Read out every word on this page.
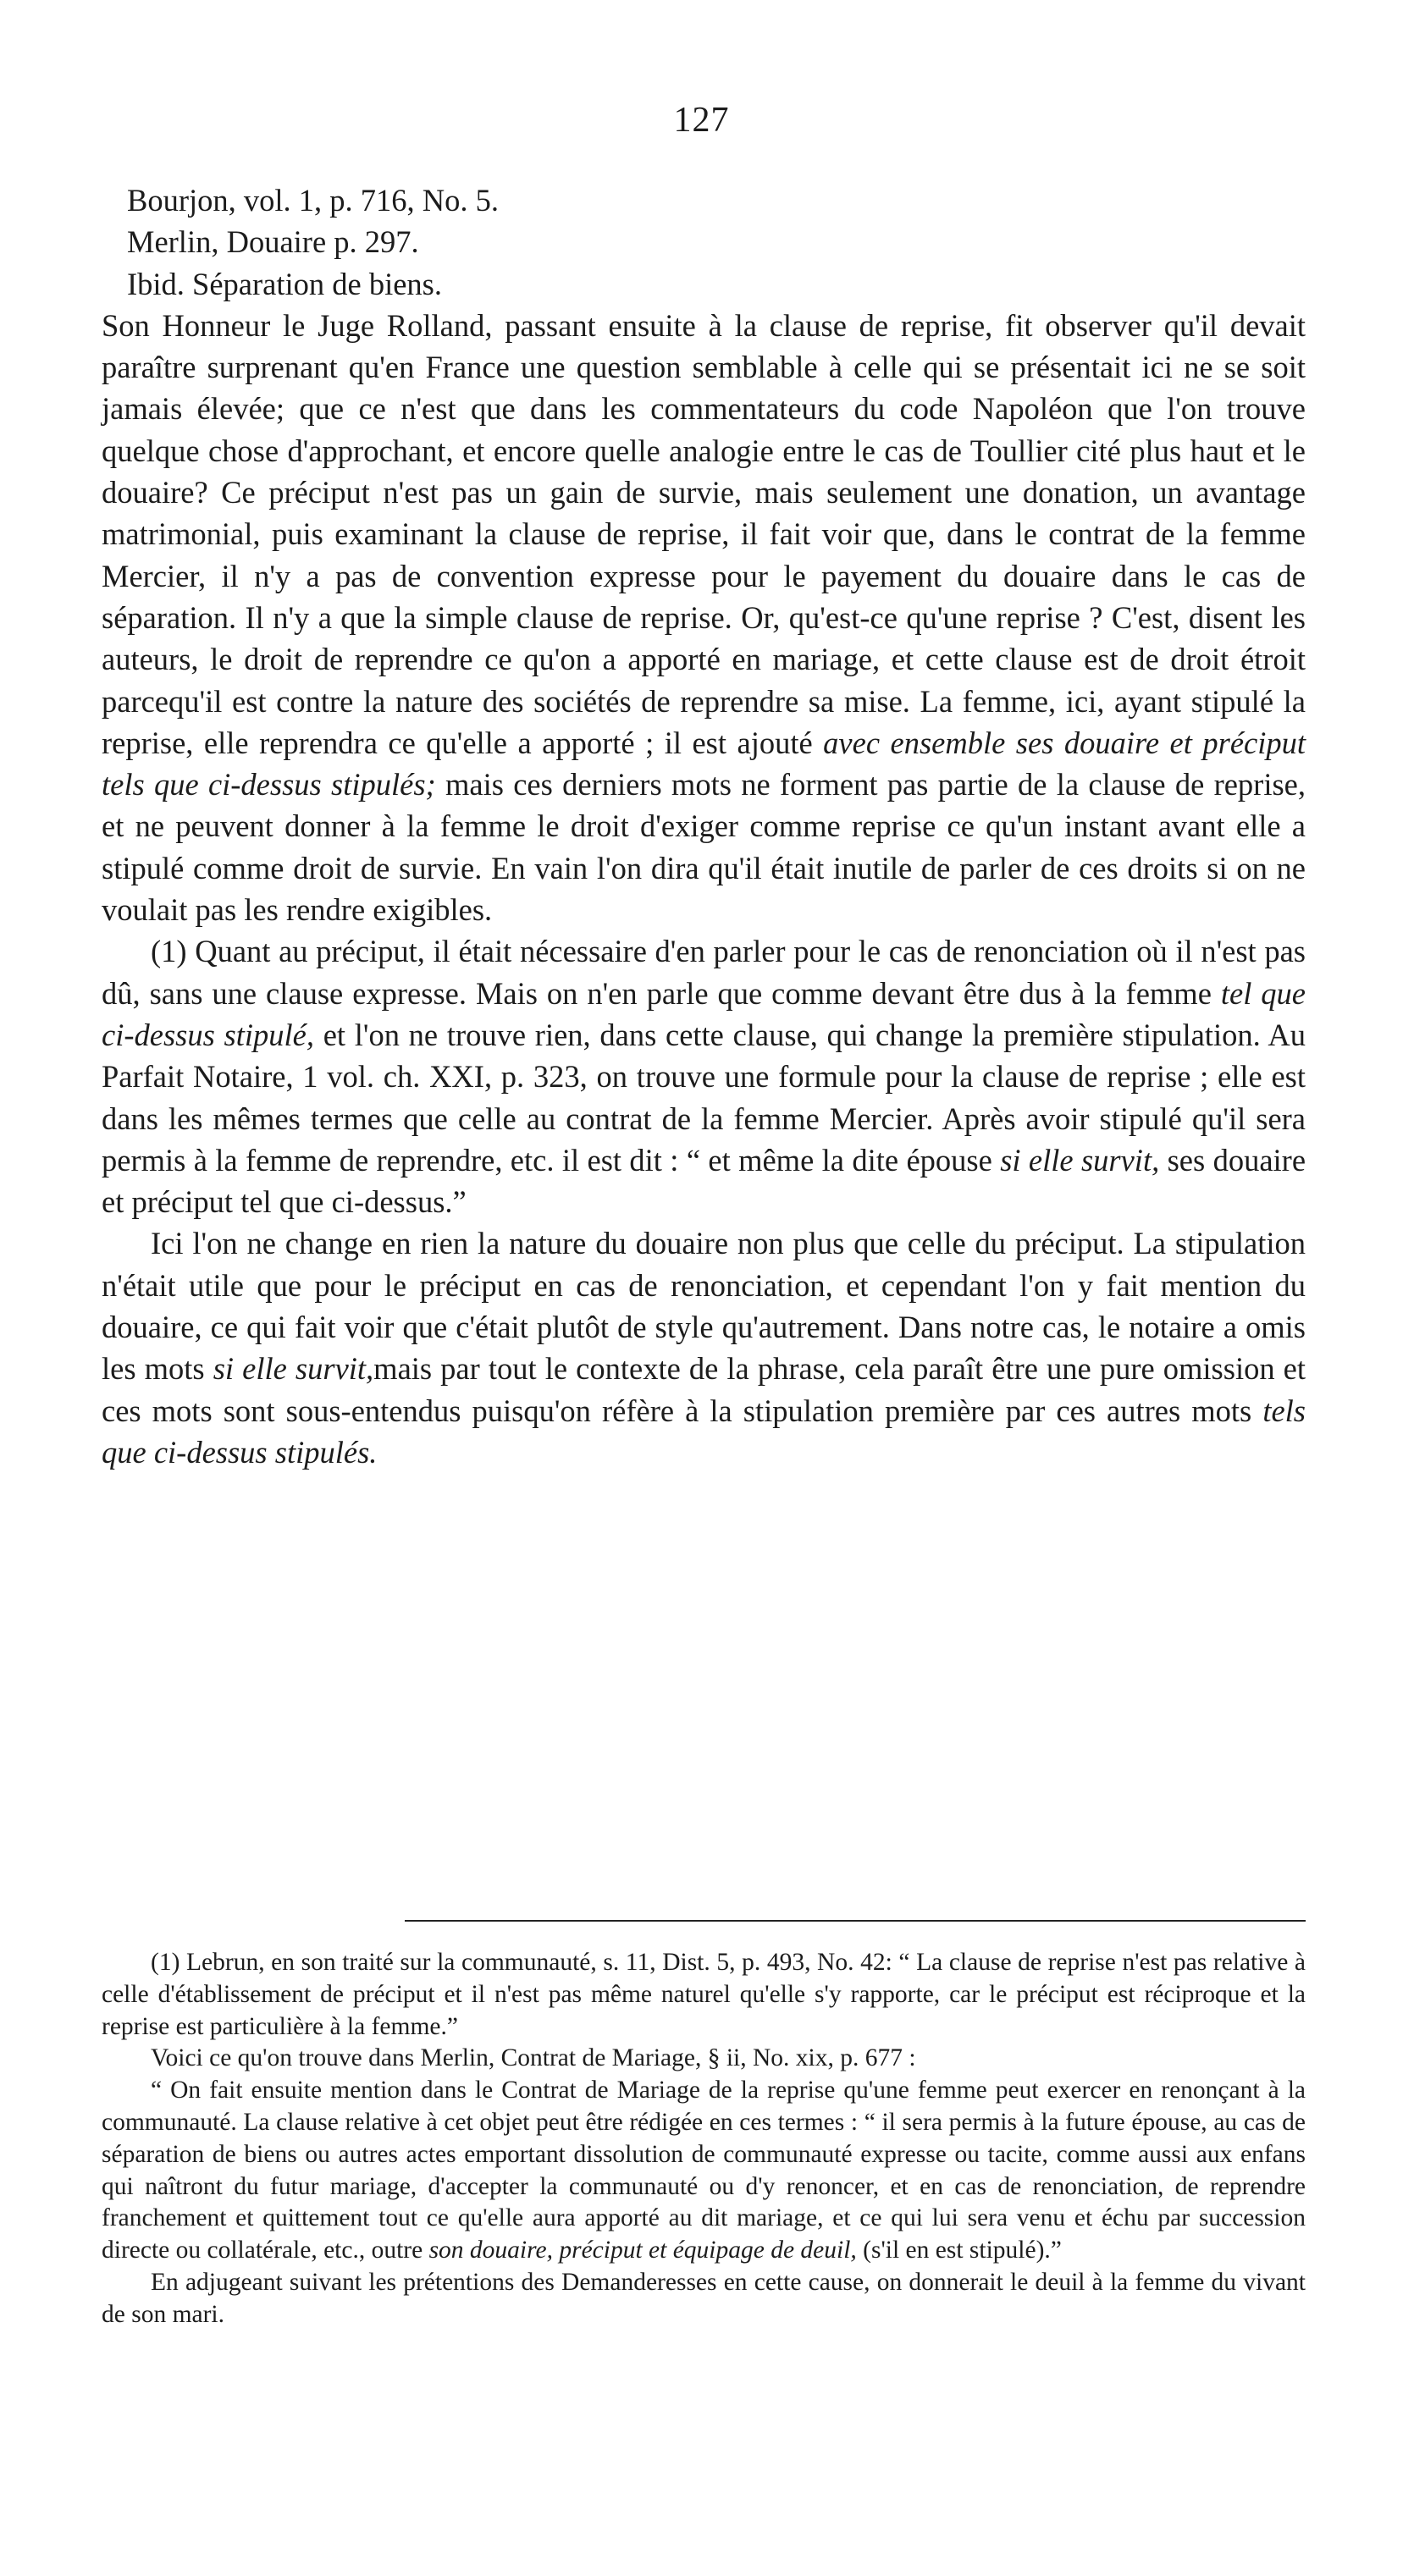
127

Bourjon, vol. 1, p. 716, No. 5.

Merlin, Douaire p. 297.

Ibid. Séparation de biens.

Son Honneur le Juge Rolland, passant ensuite à la clause de reprise, fit observer qu'il devait paraître surprenant qu'en France une question semblable à celle qui se présentait ici ne se soit jamais élevée; que ce n'est que dans les commentateurs du code Napoléon que l'on trouve quelque chose d'approchant, et encore quelle analogie entre le cas de Toullier cité plus haut et le douaire? Ce préciput n'est pas un gain de survie, mais seulement une donation, un avantage matrimonial, puis examinant la clause de reprise, il fait voir que, dans le contrat de la femme Mercier, il n'y a pas de convention expresse pour le payement du douaire dans le cas de séparation. Il n'y a que la simple clause de reprise. Or, qu'est-ce qu'une reprise ? C'est, disent les auteurs, le droit de reprendre ce qu'on a apporté en mariage, et cette clause est de droit étroit parcequ'il est contre la nature des sociétés de reprendre sa mise. La femme, ici, ayant stipulé la reprise, elle reprendra ce qu'elle a apporté ; il est ajouté avec ensemble ses douaire et préciput tels que ci-dessus stipulés; mais ces derniers mots ne forment pas partie de la clause de reprise, et ne peuvent donner à la femme le droit d'exiger comme reprise ce qu'un instant avant elle a stipulé comme droit de survie. En vain l'on dira qu'il était inutile de parler de ces droits si on ne voulait pas les rendre exigibles.

(1) Quant au préciput, il était nécessaire d'en parler pour le cas de renonciation où il n'est pas dû, sans une clause expresse. Mais on n'en parle que comme devant être dus à la femme tel que ci-dessus stipulé, et l'on ne trouve rien, dans cette clause, qui change la première stipulation. Au Parfait Notaire, 1 vol. ch. XXI, p. 323, on trouve une formule pour la clause de reprise ; elle est dans les mêmes termes que celle au contrat de la femme Mercier. Après avoir stipulé qu'il sera permis à la femme de reprendre, etc. il est dit : “ et même la dite épouse si elle survit, ses douaire et préciput tel que ci-dessus.”

Ici l'on ne change en rien la nature du douaire non plus que celle du préciput. La stipulation n'était utile que pour le préciput en cas de renonciation, et cependant l'on y fait mention du douaire, ce qui fait voir que c'était plutôt de style qu'autrement. Dans notre cas, le notaire a omis les mots si elle survit,mais par tout le contexte de la phrase, cela paraît être une pure omission et ces mots sont sous-entendus puisqu'on réfère à la stipulation première par ces autres mots tels que ci-dessus stipulés.

(1) Lebrun, en son traité sur la communauté, s. 11, Dist. 5, p. 493, No. 42: “ La clause de reprise n'est pas relative à celle d'établissement de préciput et il n'est pas même naturel qu'elle s'y rapporte, car le préciput est réciproque et la reprise est particulière à la femme.”

Voici ce qu'on trouve dans Merlin, Contrat de Mariage, § ii, No. xix, p. 677 :

“ On fait ensuite mention dans le Contrat de Mariage de la reprise qu'une femme peut exercer en renonçant à la communauté. La clause relative à cet objet peut être rédigée en ces termes : “ il sera permis à la future épouse, au cas de séparation de biens ou autres actes emportant dissolution de communauté expresse ou tacite, comme aussi aux enfans qui naîtront du futur mariage, d'accepter la communauté ou d'y renoncer, et en cas de renonciation, de reprendre franchement et quittement tout ce qu'elle aura apporté au dit mariage, et ce qui lui sera venu et échu par succession directe ou collatérale, etc., outre son douaire, préciput et équipage de deuil, (s'il en est stipulé).”

En adjugeant suivant les prétentions des Demanderesses en cette cause, on donnerait le deuil à la femme du vivant de son mari.
